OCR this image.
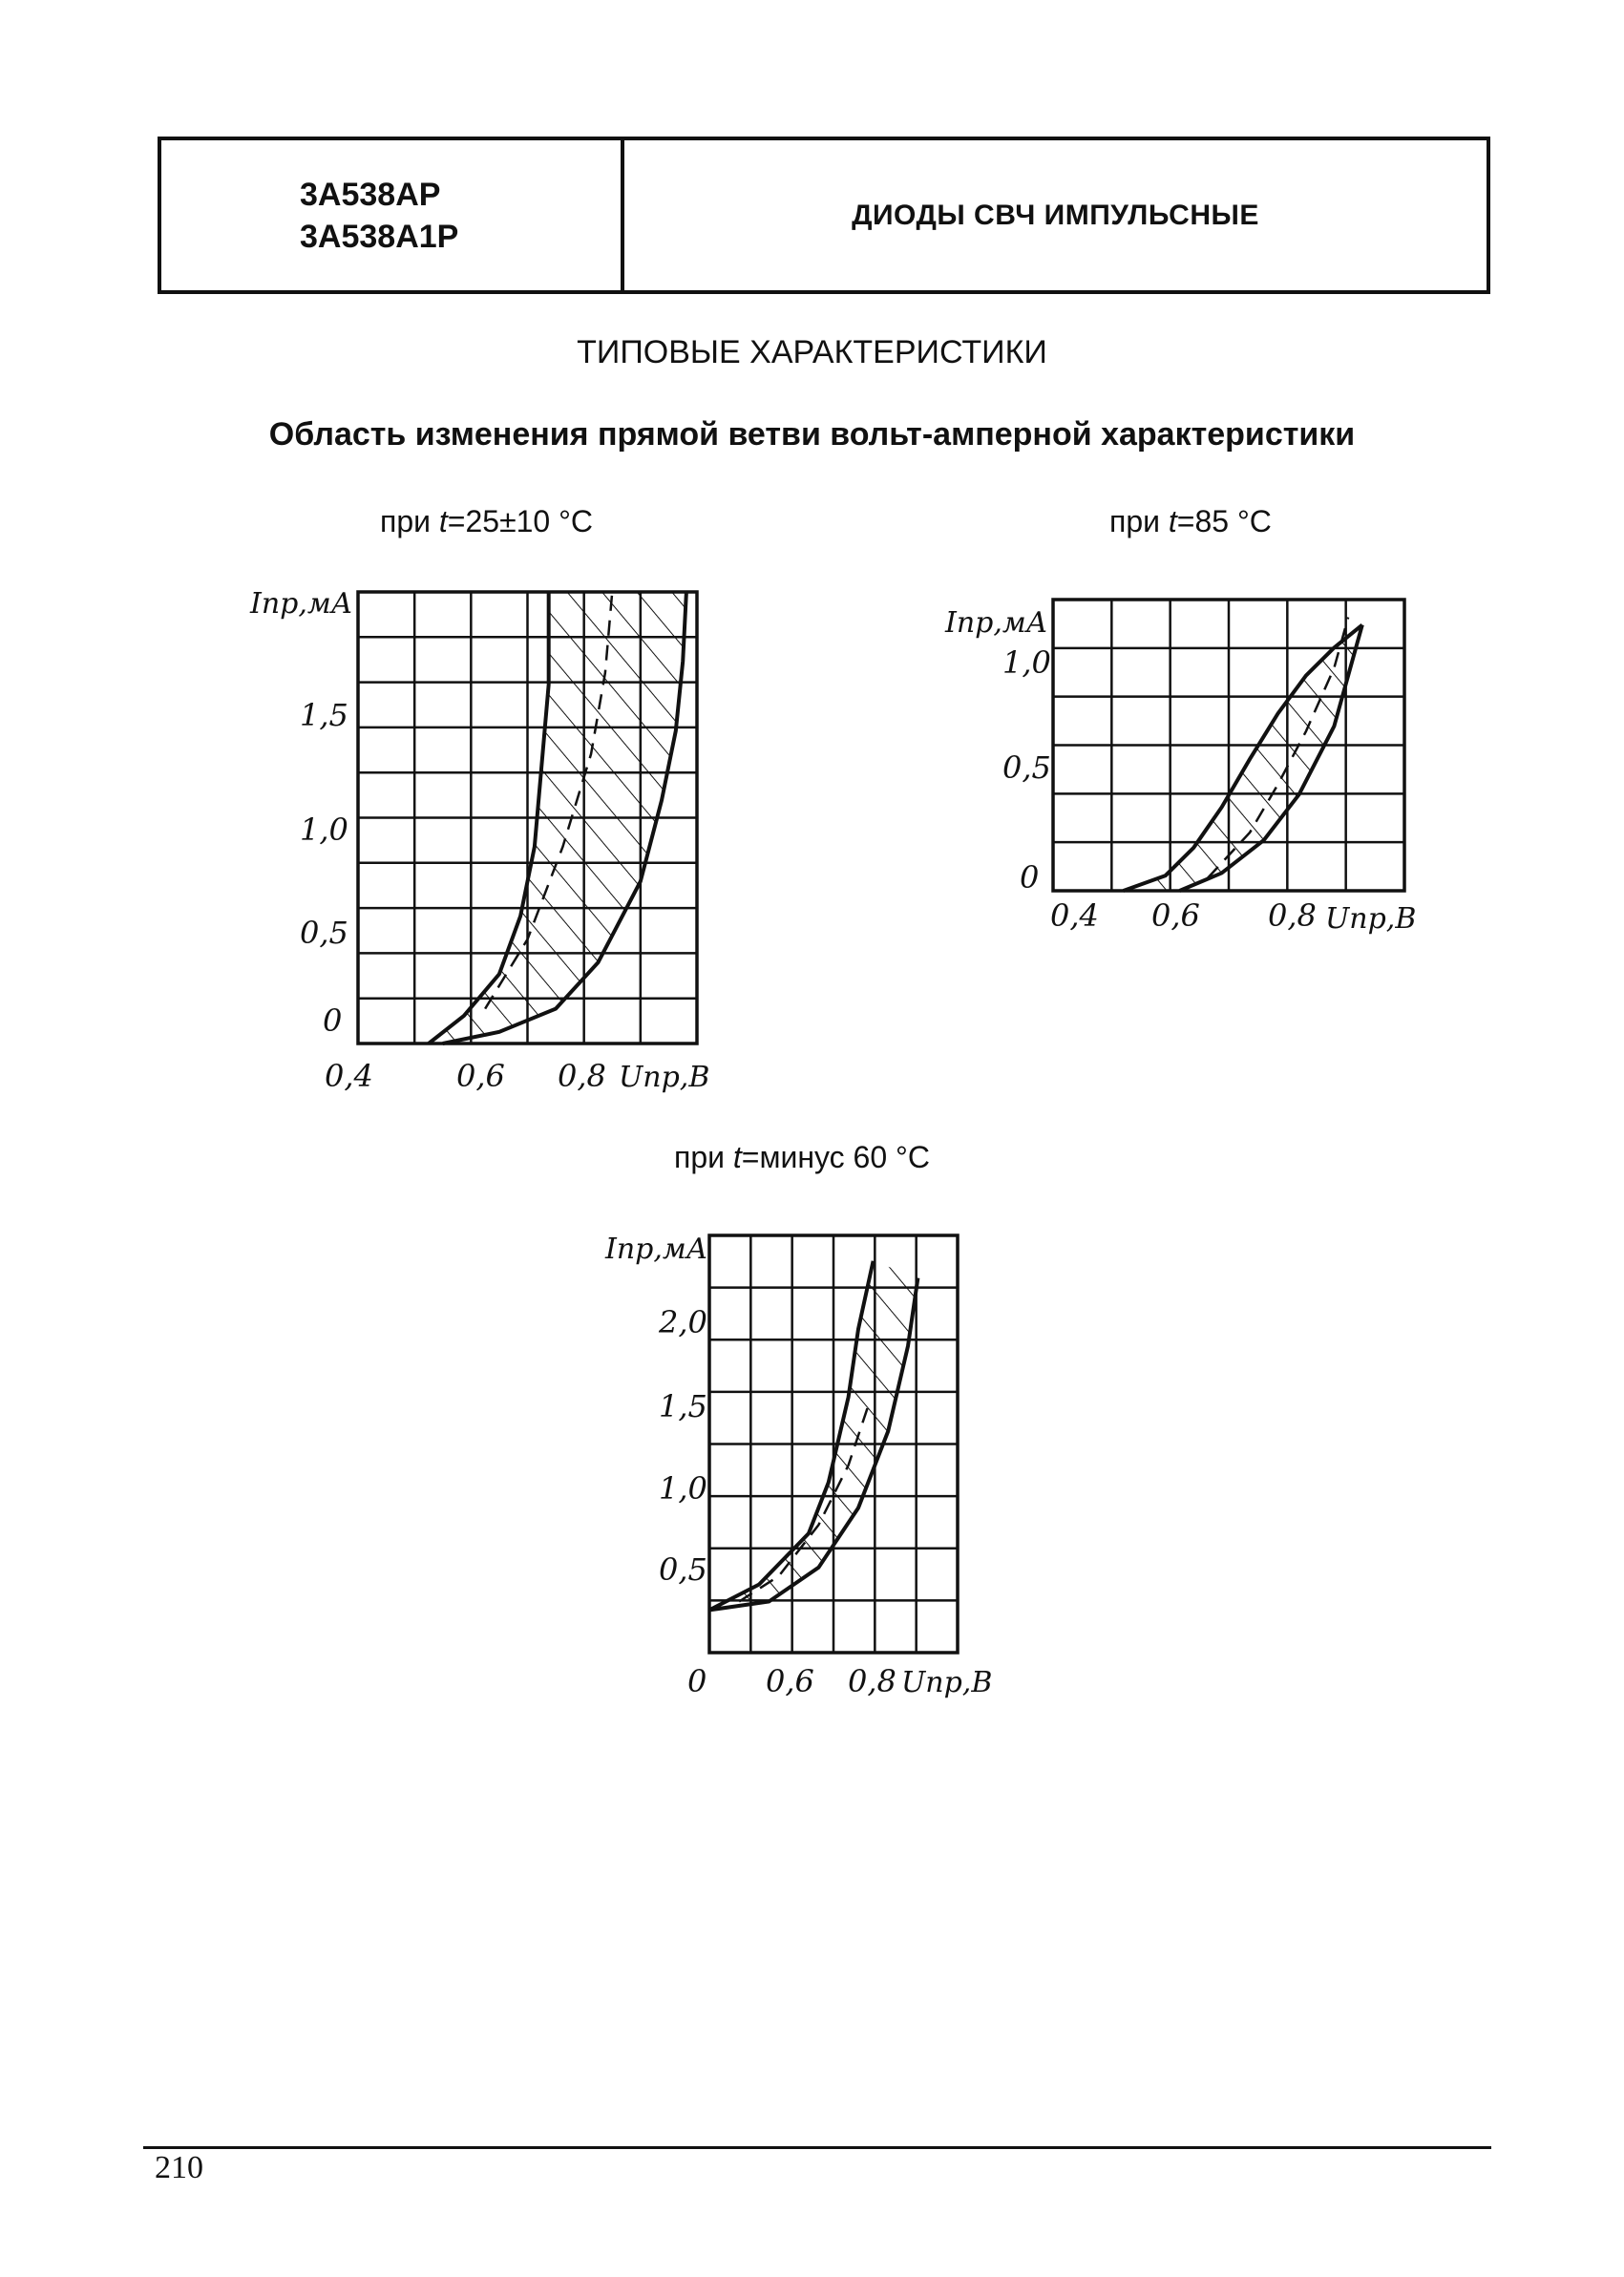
3А538АР
3А538А1Р
ДИОДЫ СВЧ ИМПУЛЬСНЫЕ
ТИПОВЫЕ ХАРАКТЕРИСТИКИ
Область изменения прямой ветви вольт-амперной характеристики
при t=25±10 °С	при t=85 °С
при t=минус 60 °С
Iпр,мА
Uпр,В
0
0,5
1,0
1,5
0,4	0,6 0,8
Iпр,мА
Uпр,В
0
0,5
1,0
0,4 0,6 0,8
Iпр,мА
Uпр,В
0,5
1,0
1,5
2,0
0 0,6 0,8
210
